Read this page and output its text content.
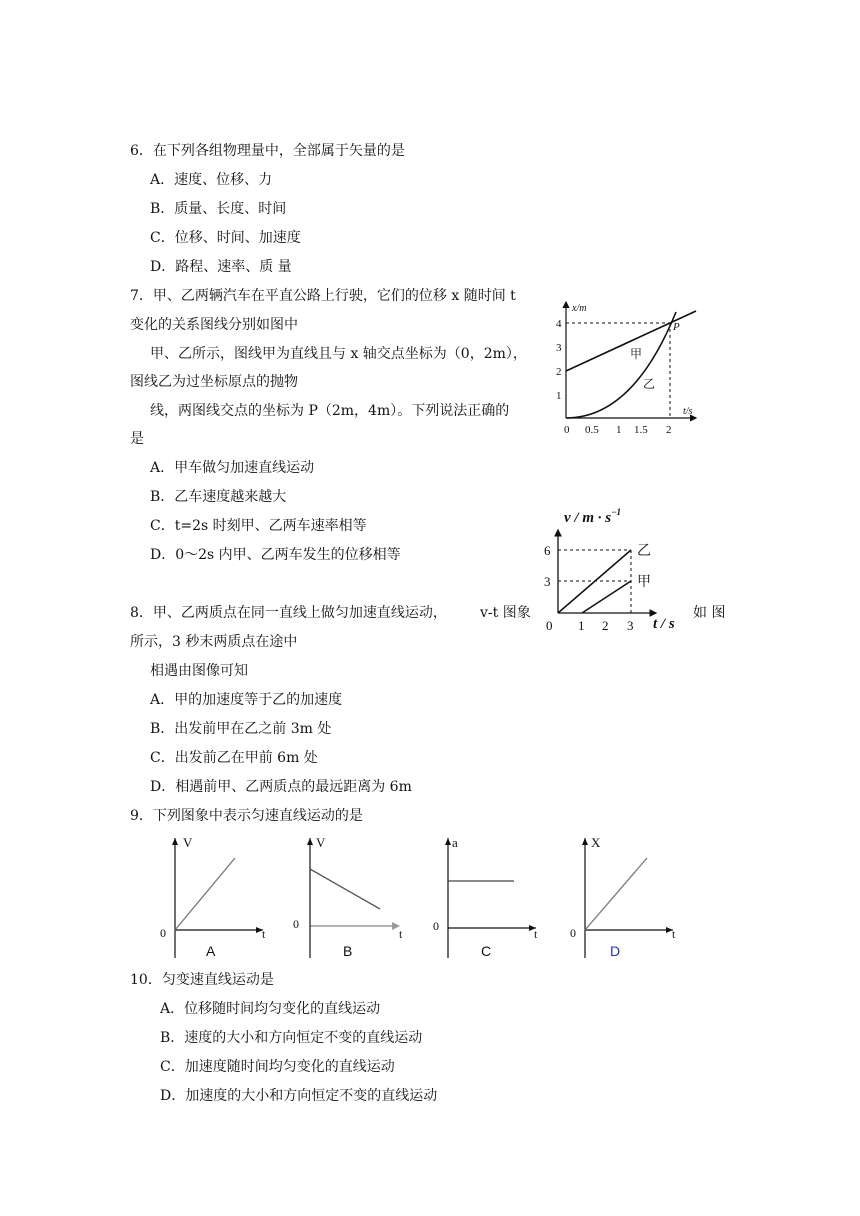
6．在下列各组物理量中，全部属于矢量的是
A．速度、位移、力
B．质量、长度、时间
C．位移、时间、加速度
D．路程、速率、质 量
7．甲、乙两辆汽车在平直公路上行驶，它们的位移 x 随时间 t
变化的关系图线分别如图中
甲、乙所示，图线甲为直线且与 x 轴交点坐标为（0，2m），
图线乙为过坐标原点的抛物
线，两图线交点的坐标为 P（2m，4m）。下列说法正确的
是
A．甲车做匀加速直线运动
B．乙车速度越来越大
C．t=2s 时刻甲、乙两车速率相等
D．0～2s 内甲、乙两车发生的位移相等
x/m
t/s
甲
乙
P
1
2
3
4
0 0.5 1 1.5 2
$v / m \cdot s^{-1}$
乙
甲
t / s
6
3
0 1 2 3
8．甲、乙两质点在同一直线上做匀加速直线运动， v-t 图象	如 图
所示，3 秒末两质点在途中
相遇由图像可知
A．甲的加速度等于乙的加速度
B．出发前甲在乙之前 3m 处
C．出发前乙在甲前 6m 处
D．相遇前甲、乙两质点的最远距离为 6m
9．下列图象中表示匀速直线运动的是
V
t
0
A
V
t
0
B
a
t
0
C
X
t
0
D
10．匀变速直线运动是
A．位移随时间均匀变化的直线运动
B．速度的大小和方向恒定不变的直线运动
C．加速度随时间均匀变化的直线运动
D．加速度的大小和方向恒定不变的直线运动
